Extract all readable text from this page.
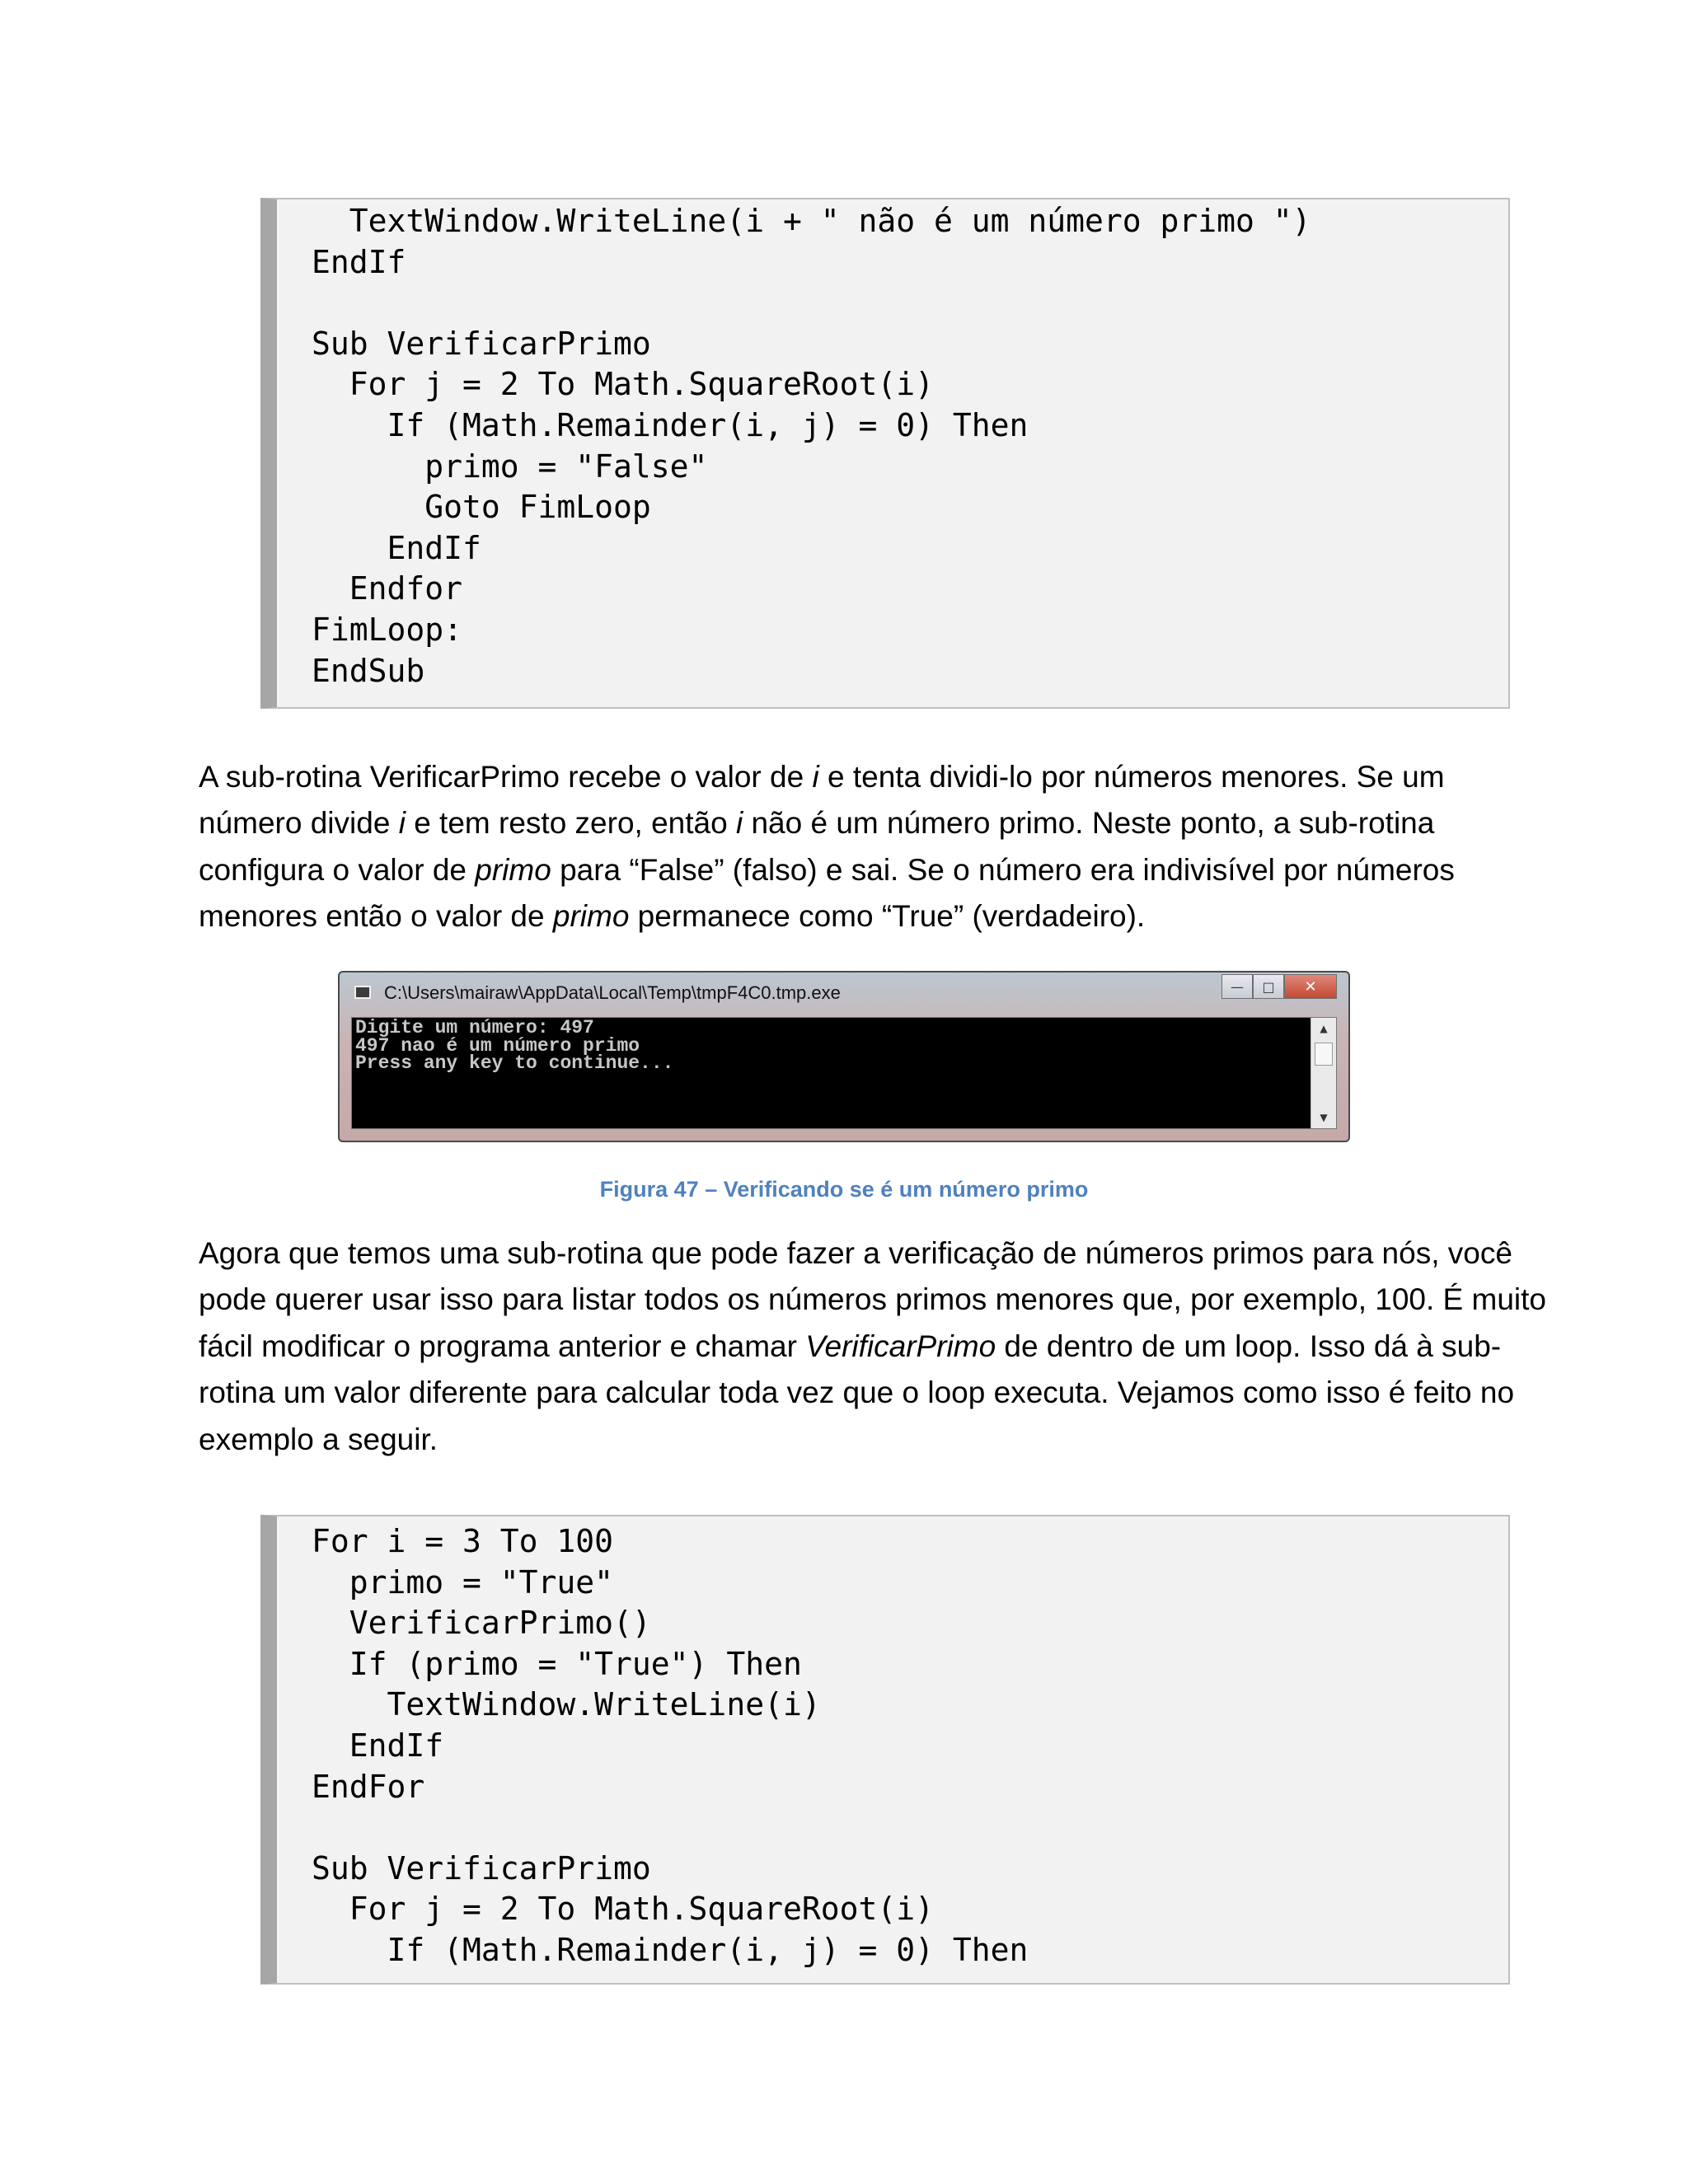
TextWindow.WriteLine(i + " não é um número primo ")
EndIf

Sub VerificarPrimo
For j = 2 To Math.SquareRoot(i)
If (Math.Remainder(i, j) = 0) Then
primo = "False"
Goto FimLoop
EndIf
Endfor
FimLoop:
EndSub

A sub-rotina VerificarPrimo recebe o valor de i e tenta dividi-lo por números menores. Se um número divide i e tem resto zero, então i não é um número primo. Neste ponto, a sub-rotina configura o valor de primo para “False” (falso) e sai. Se o número era indivisível por números menores então o valor de primo permanece como “True” (verdadeiro).

C:\Users\mairaw\AppData\Local\Temp\tmpF4C0.tmp.exe	—	□	✕
Digite um número: 497
497 nao é um número primo
Press any key to continue...
▲
▼
Figura 47 – Verificando se é um número primo

Agora que temos uma sub-rotina que pode fazer a verificação de números primos para nós, você pode querer usar isso para listar todos os números primos menores que, por exemplo, 100. É muito fácil modificar o programa anterior e chamar VerificarPrimo de dentro de um loop. Isso dá à sub-rotina um valor diferente para calcular toda vez que o loop executa. Vejamos como isso é feito no exemplo a seguir.

For i = 3 To 100
primo = "True"
VerificarPrimo()
If (primo = "True") Then
TextWindow.WriteLine(i)
EndIf
EndFor

Sub VerificarPrimo
For j = 2 To Math.SquareRoot(i)
If (Math.Remainder(i, j) = 0) Then
